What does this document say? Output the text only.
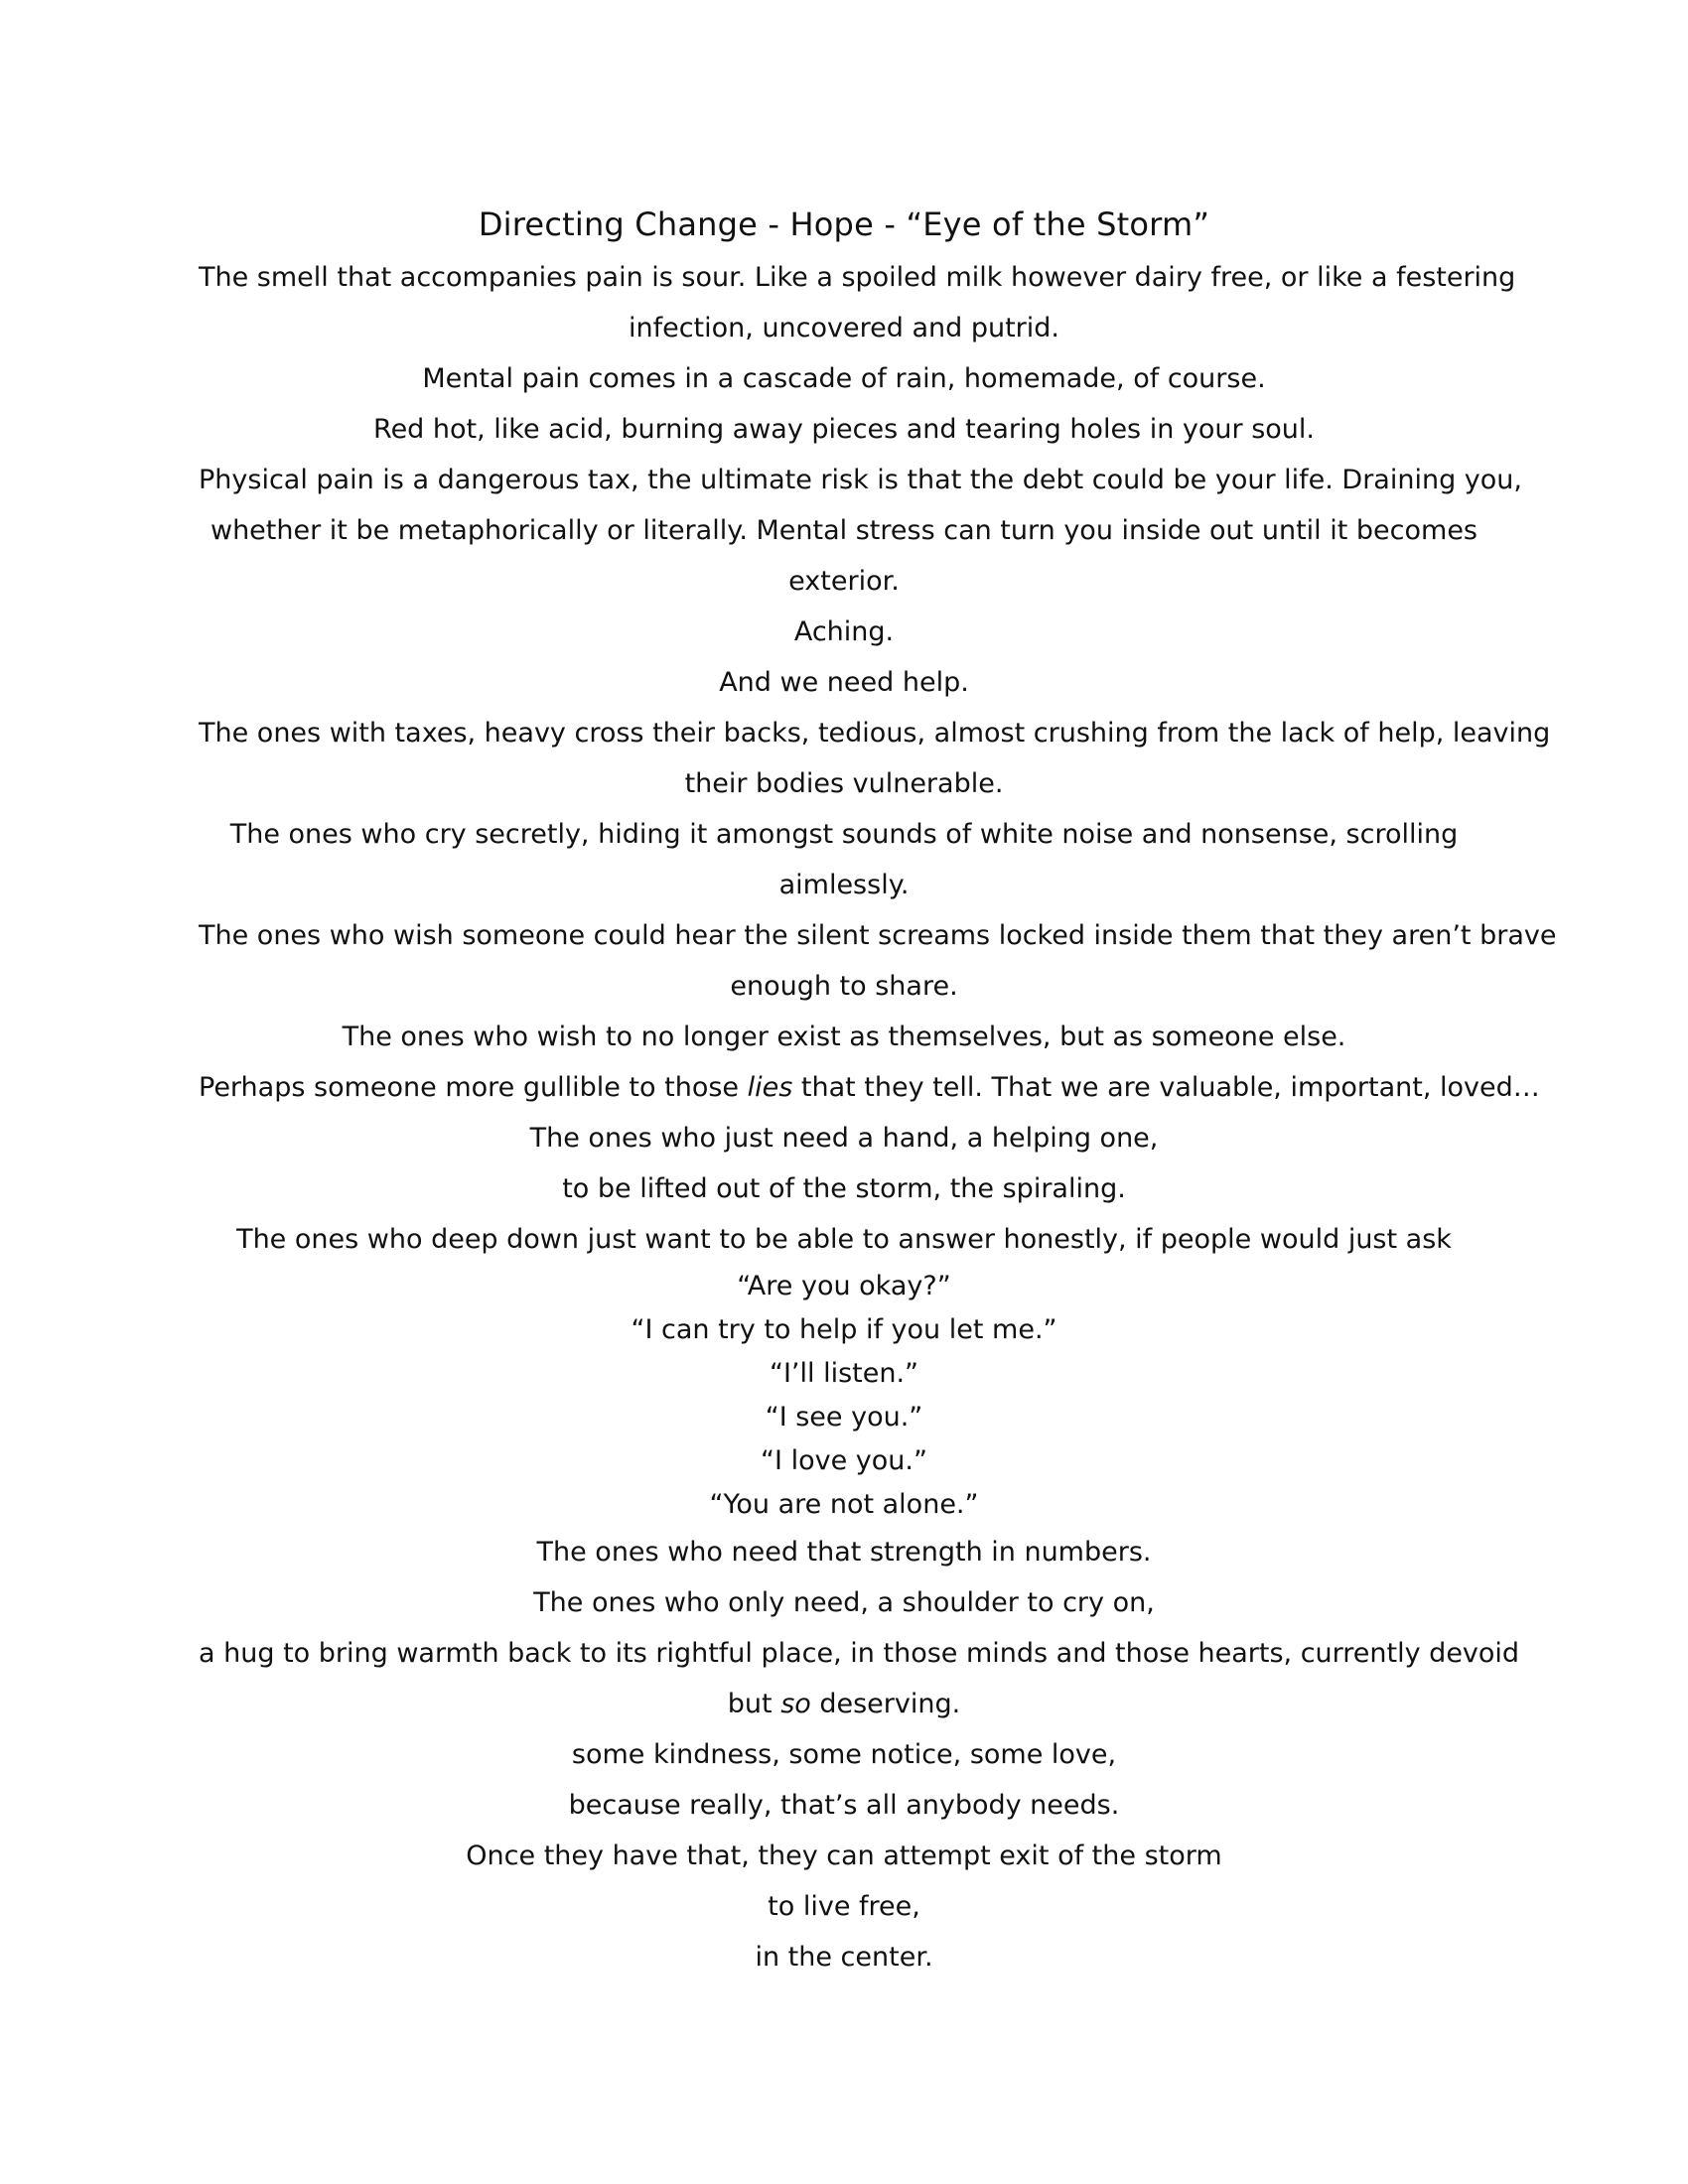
Directing Change - Hope - “Eye of the Storm”
The smell that accompanies pain is sour. Like a spoiled milk however dairy free, or like a festering
infection, uncovered and putrid.
Mental pain comes in a cascade of rain, homemade, of course.
Red hot, like acid, burning away pieces and tearing holes in your soul.
Physical pain is a dangerous tax, the ultimate risk is that the debt could be your life. Draining you,
whether it be metaphorically or literally. Mental stress can turn you inside out until it becomes
exterior.
Aching.
And we need help.
The ones with taxes, heavy cross their backs, tedious, almost crushing from the lack of help, leaving
their bodies vulnerable.
The ones who cry secretly, hiding it amongst sounds of white noise and nonsense, scrolling
aimlessly.
The ones who wish someone could hear the silent screams locked inside them that they aren’t brave
enough to share.
The ones who wish to no longer exist as themselves, but as someone else.
Perhaps someone more gullible to those lies that they tell. That we are valuable, important, loved…
The ones who just need a hand, a helping one,
to be lifted out of the storm, the spiraling.
The ones who deep down just want to be able to answer honestly, if people would just ask
“Are you okay?”
“I can try to help if you let me.”
“I’ll listen.”
“I see you.”
“I love you.”
“You are not alone.”
The ones who need that strength in numbers.
The ones who only need, a shoulder to cry on,
a hug to bring warmth back to its rightful place, in those minds and those hearts, currently devoid
but so deserving.
some kindness, some notice, some love,
because really, that’s all anybody needs.
Once they have that, they can attempt exit of the storm
to live free,
in the center.
